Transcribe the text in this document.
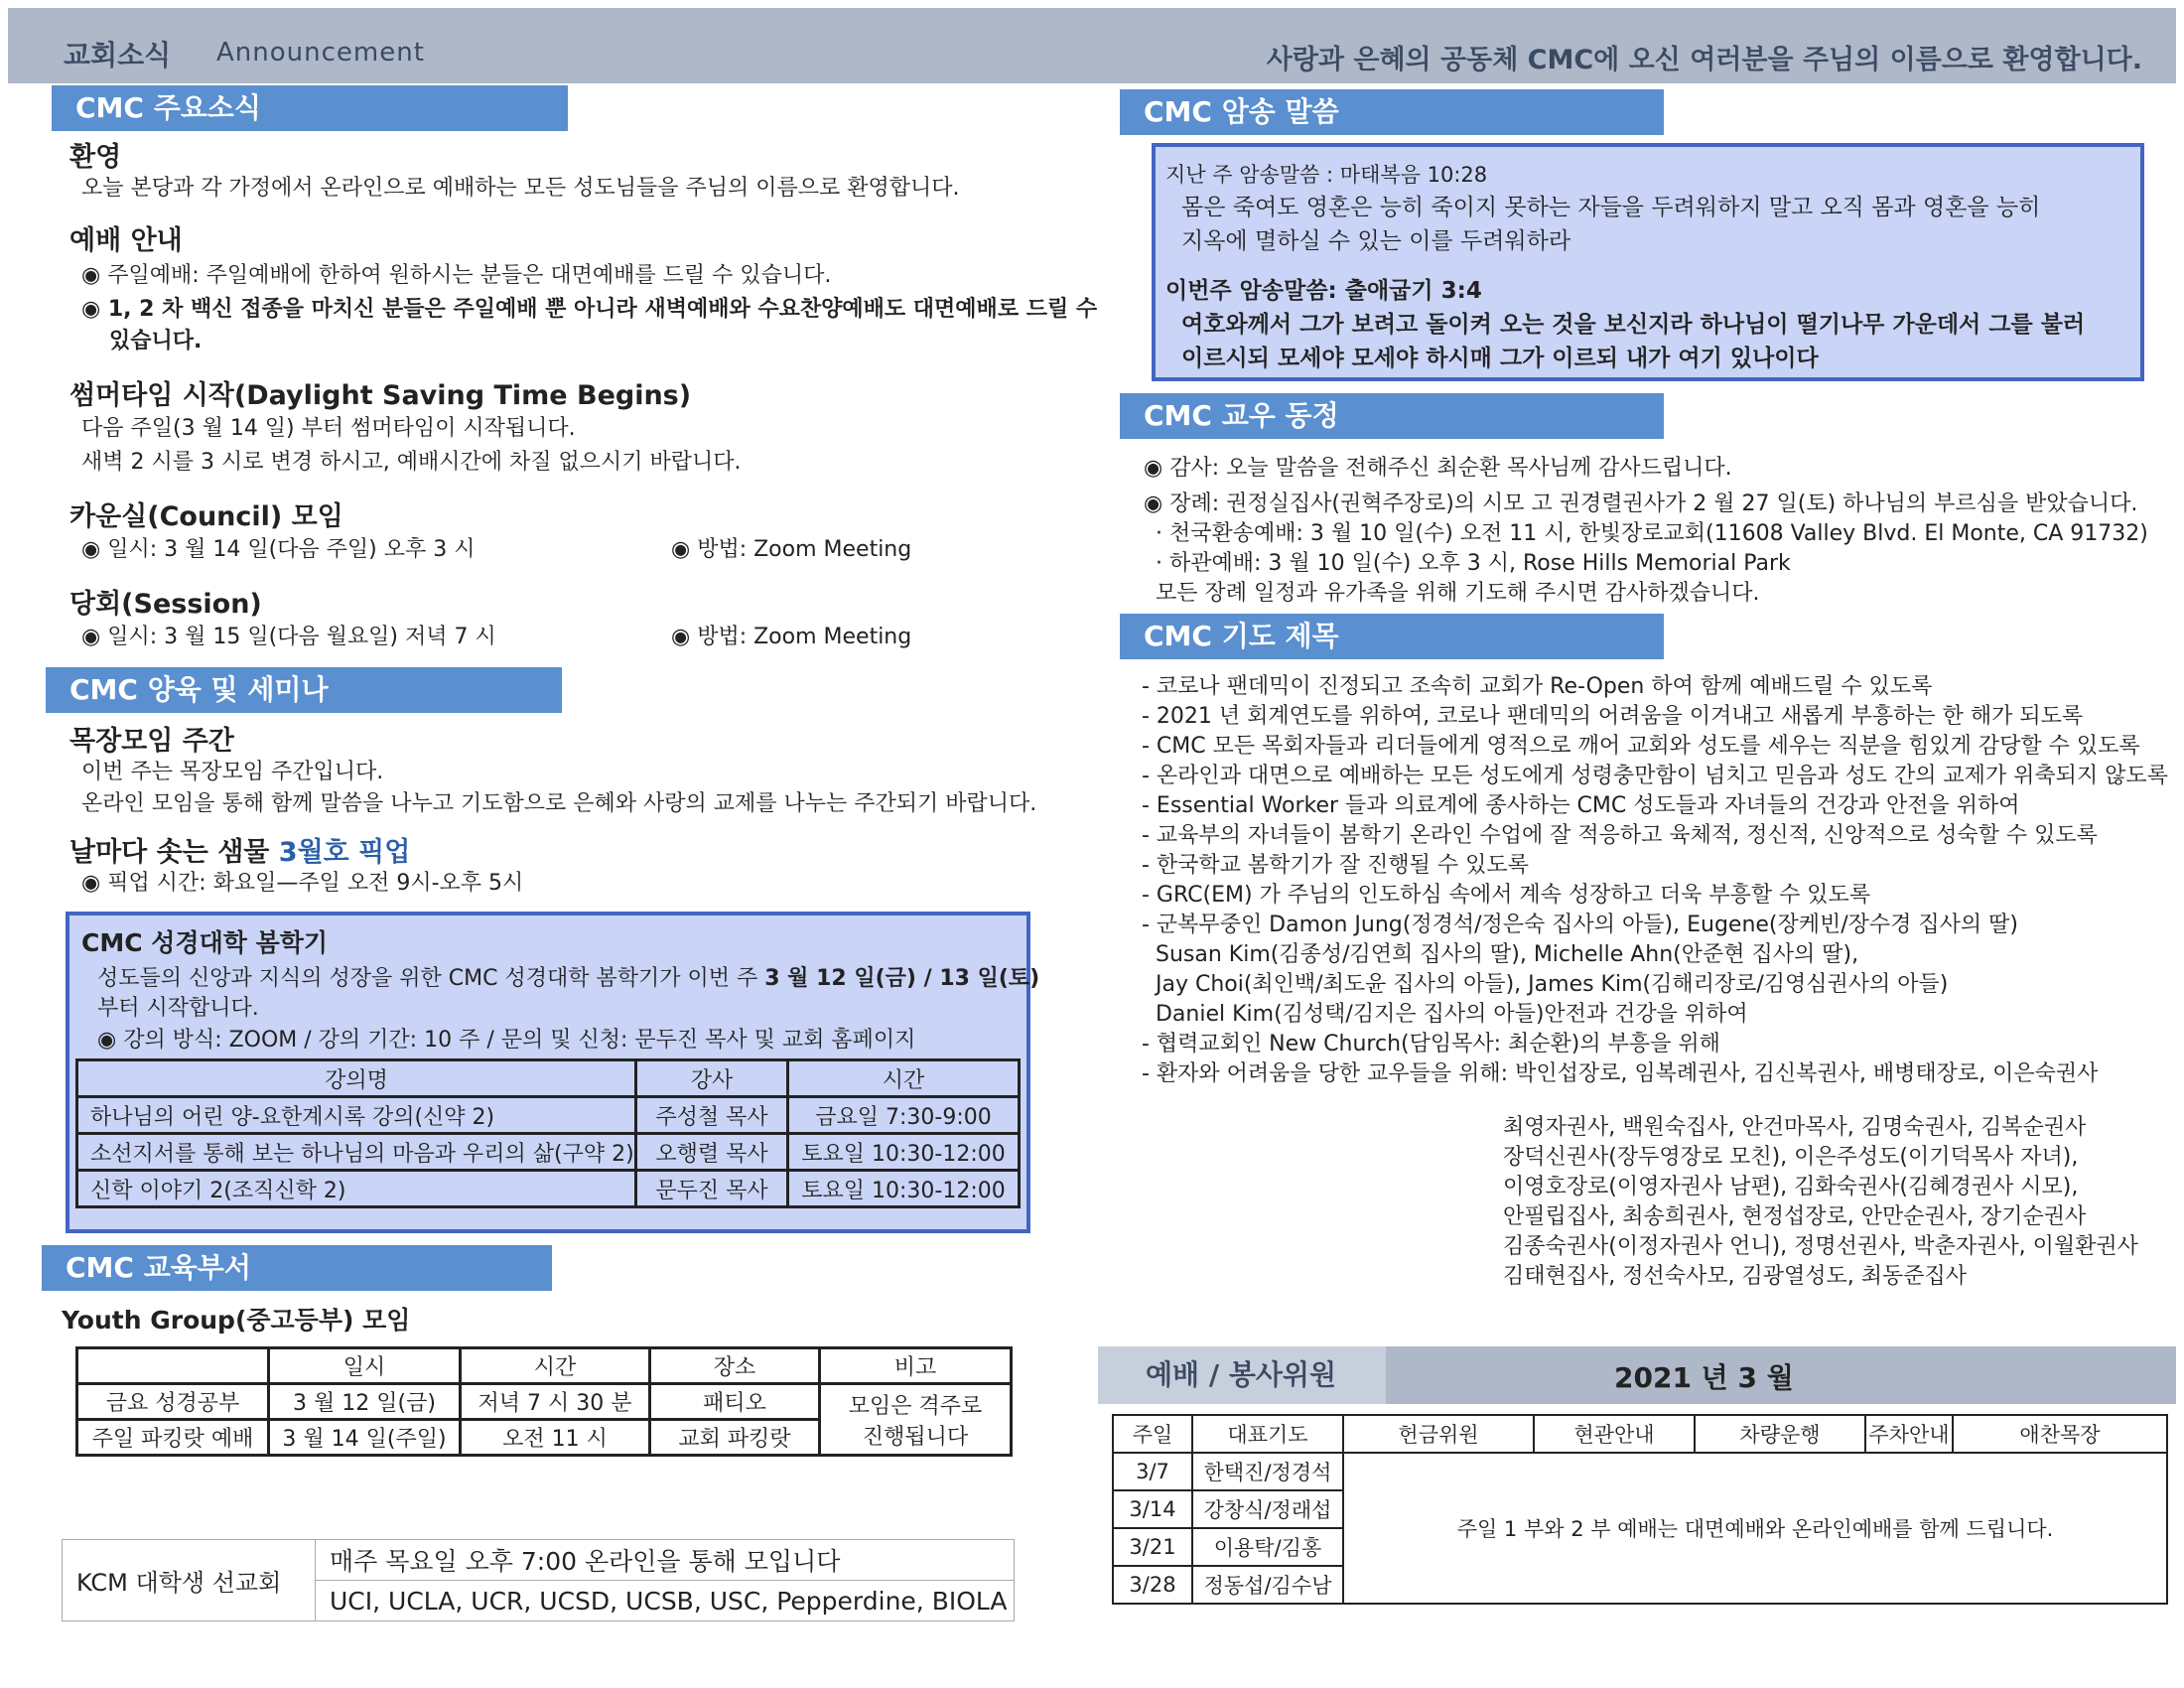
교회소식 Announcement	사랑과 은혜의 공동체 CMC에 오신 여러분을 주님의 이름으로 환영합니다.
CMC 주요소식
환영
오늘 본당과 각 가정에서 온라인으로 예배하는 모든 성도님들을 주님의 이름으로 환영합니다.
예배 안내
◉ 주일예배: 주일예배에 한하여 원하시는 분들은 대면예배를 드릴 수 있습니다.
◉ 1, 2 차 백신 접종을 마치신 분들은 주일예배 뿐 아니라 새벽예배와 수요찬양예배도 대면예배로 드릴 수
있습니다.
썸머타임 시작(Daylight Saving Time Begins)
다음 주일(3 월 14 일) 부터 썸머타임이 시작됩니다.
새벽 2 시를 3 시로 변경 하시고, 예배시간에 차질 없으시기 바랍니다.
카운실(Council) 모임
◉ 일시: 3 월 14 일(다음 주일) 오후 3 시	◉ 방법: Zoom Meeting
당회(Session)
◉ 일시: 3 월 15 일(다음 월요일) 저녁 7 시	◉ 방법: Zoom Meeting
CMC 양육 및 세미나
목장모임 주간
이번 주는 목장모임 주간입니다.
온라인 모임을 통해 함께 말씀을 나누고 기도함으로 은혜와 사랑의 교제를 나누는 주간되기 바랍니다.
날마다 솟는 샘물 3월호 픽업
◉ 픽업 시간: 화요일—주일 오전 9시-오후 5시
CMC 성경대학 봄학기
성도들의 신앙과 지식의 성장을 위한 CMC 성경대학 봄학기가 이번 주 3 월 12 일(금) / 13 일(토)
부터 시작합니다.
◉ 강의 방식: ZOOM / 강의 기간: 10 주 / 문의 및 신청: 문두진 목사 및 교회 홈페이지
강의명	강사	시간
하나님의 어린 양-요한계시록 강의(신약 2)	주성철 목사	금요일 7:30-9:00
소선지서를 통해 보는 하나님의 마음과 우리의 삶(구약 2)	오행렬 목사	토요일 10:30-12:00
신학 이야기 2(조직신학 2)	문두진 목사	토요일 10:30-12:00
CMC 교육부서
Youth Group(중고등부) 모임
	일시	시간	장소	비고
금요 성경공부	3 월 12 일(금)	저녁 7 시 30 분	패티오	모임은 격주로
진행됩니다

주일 파킹랏 예배	3 월 14 일(주일)	오전 11 시	교회 파킹랏	
KCM 대학생 선교회	매주 목요일 오후 7:00 온라인을 통해 모입니다
UCI, UCLA, UCR, UCSD, UCSB, USC, Pepperdine, BIOLA
CMC 암송 말씀
지난 주 암송말씀 : 마태복음 10:28
몸은 죽여도 영혼은 능히 죽이지 못하는 자들을 두려워하지 말고 오직 몸과 영혼을 능히
지옥에 멸하실 수 있는 이를 두려워하라
이번주 암송말씀: 출애굽기 3:4
여호와께서 그가 보려고 돌이켜 오는 것을 보신지라 하나님이 떨기나무 가운데서 그를 불러
이르시되 모세야 모세야 하시매 그가 이르되 내가 여기 있나이다
CMC 교우 동정
◉ 감사: 오늘 말씀을 전해주신 최순환 목사님께 감사드립니다.
◉ 장례: 권정실집사(권혁주장로)의 시모 고 권경렬권사가 2 월 27 일(토) 하나님의 부르심을 받았습니다.
· 천국환송예배: 3 월 10 일(수) 오전 11 시, 한빛장로교회(11608 Valley Blvd. El Monte, CA 91732)
· 하관예배: 3 월 10 일(수) 오후 3 시, Rose Hills Memorial Park
모든 장례 일정과 유가족을 위해 기도해 주시면 감사하겠습니다.
CMC 기도 제목
- 코로나 팬데믹이 진정되고 조속히 교회가 Re-Open 하여 함께 예배드릴 수 있도록
- 2021 년 회계연도를 위하여, 코로나 팬데믹의 어려움을 이겨내고 새롭게 부흥하는 한 해가 되도록
- CMC 모든 목회자들과 리더들에게 영적으로 깨어 교회와 성도를 세우는 직분을 힘있게 감당할 수 있도록
- 온라인과 대면으로 예배하는 모든 성도에게 성령충만함이 넘치고 믿음과 성도 간의 교제가 위축되지 않도록
- Essential Worker 들과 의료계에 종사하는 CMC 성도들과 자녀들의 건강과 안전을 위하여
- 교육부의 자녀들이 봄학기 온라인 수업에 잘 적응하고 육체적, 정신적, 신앙적으로 성숙할 수 있도록
- 한국학교 봄학기가 잘 진행될 수 있도록
- GRC(EM) 가 주님의 인도하심 속에서 계속 성장하고 더욱 부흥할 수 있도록
- 군복무중인 Damon Jung(정경석/정은숙 집사의 아들), Eugene(장케빈/장수경 집사의 딸)
Susan Kim(김종성/김연희 집사의 딸), Michelle Ahn(안준현 집사의 딸),
Jay Choi(최인백/최도윤 집사의 아들), James Kim(김해리장로/김영심권사의 아들)
Daniel Kim(김성택/김지은 집사의 아들)안전과 건강을 위하여
- 협력교회인 New Church(담임목사: 최순환)의 부흥을 위해
- 환자와 어려움을 당한 교우들을 위해: 박인섭장로, 임복례권사, 김신복권사, 배병태장로, 이은숙권사
최영자권사, 백원숙집사, 안건마목사, 김명숙권사, 김복순권사
장덕신권사(장두영장로 모친), 이은주성도(이기덕목사 자녀),
이영호장로(이영자권사 남편), 김화숙권사(김혜경권사 시모),
안필립집사, 최송희권사, 현정섭장로, 안만순권사, 장기순권사
김종숙권사(이정자권사 언니), 정명선권사, 박춘자권사, 이월환권사
김태현집사, 정선숙사모, 김광열성도, 최동준집사
예배 / 봉사위원	2021 년 3 월
주일	대표기도	헌금위원	현관안내	차량운행	주차안내	애찬목장
3/7	한택진/정경석	주일 1 부와 2 부 예배는 대면예배와 온라인예배를 함께 드립니다.				
3/14	강창식/정래섭					
3/21	이용탁/김홍					
3/28	정동섭/김수남					
